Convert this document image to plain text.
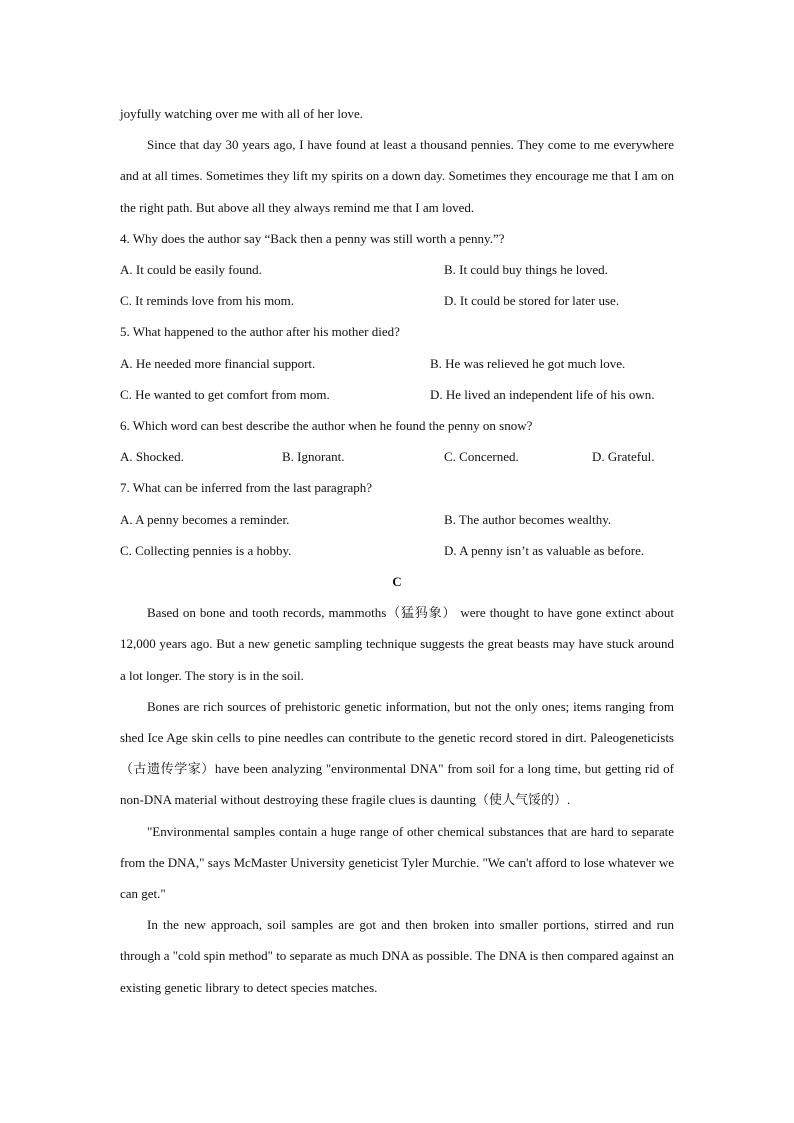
joyfully watching over me with all of her love.

Since that day 30 years ago, I have found at least a thousand pennies. They come to me everywhere and at all times. Sometimes they lift my spirits on a down day. Sometimes they encourage me that I am on the right path. But above all they always remind me that I am loved.

4. Why does the author say “Back then a penny was still worth a penny.”?

A. It could be easily found.	B. It could buy things he loved.
C. It reminds love from his mom.	D. It could be stored for later use.

5. What happened to the author after his mother died?

A. He needed more financial support.	B. He was relieved he got much love.
C. He wanted to get comfort from mom.	D. He lived an independent life of his own.

6. Which word can best describe the author when he found the penny on snow?

A. Shocked.	B. Ignorant.	C. Concerned.	D. Grateful.

7. What can be inferred from the last paragraph?

A. A penny becomes a reminder.	B. The author becomes wealthy.
C. Collecting pennies is a hobby.	D. A penny isn’t as valuable as before.

C

Based on bone and tooth records, mammoths（猛犸象） were thought to have gone extinct about 12,000 years ago. But a new genetic sampling technique suggests the great beasts may have stuck around a lot longer. The story is in the soil.

Bones are rich sources of prehistoric genetic information, but not the only ones; items ranging from shed Ice Age skin cells to pine needles can contribute to the genetic record stored in dirt. Paleogeneticists（古遗传学家）have been analyzing "environmental DNA" from soil for a long time, but getting rid of non-DNA material without destroying these fragile clues is daunting（使人气馁的）.

"Environmental samples contain a huge range of other chemical substances that are hard to separate from the DNA," says McMaster University geneticist Tyler Murchie. "We can't afford to lose whatever we can get."

In the new approach, soil samples are got and then broken into smaller portions, stirred and run through a "cold spin method" to separate as much DNA as possible. The DNA is then compared against an existing genetic library to detect species matches.
